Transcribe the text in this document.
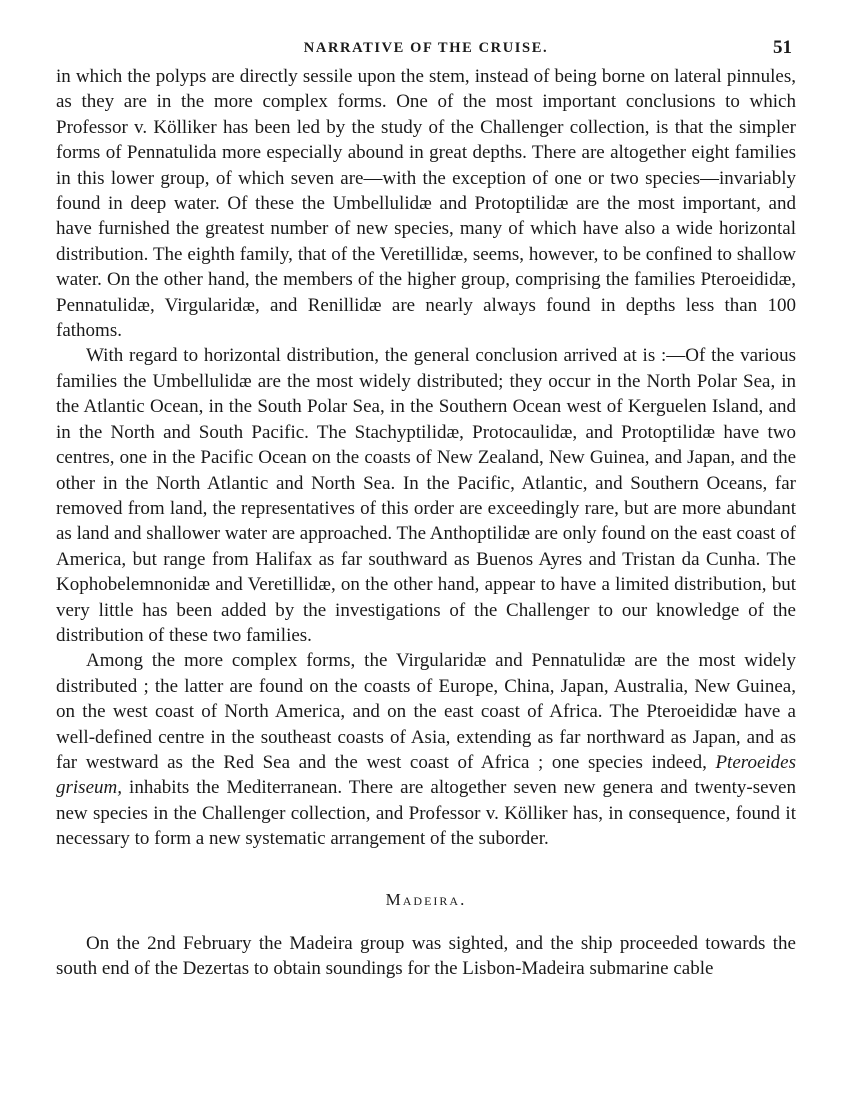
NARRATIVE OF THE CRUISE.	51

in which the polyps are directly sessile upon the stem, instead of being borne on lateral pinnules, as they are in the more complex forms. One of the most important conclusions to which Professor v. Kölliker has been led by the study of the Challenger collection, is that the simpler forms of Pennatulida more especially abound in great depths. There are altogether eight families in this lower group, of which seven are—with the exception of one or two species—invariably found in deep water. Of these the Umbellulidæ and Protoptilidæ are the most important, and have furnished the greatest number of new species, many of which have also a wide horizontal distribution. The eighth family, that of the Veretillidæ, seems, however, to be confined to shallow water. On the other hand, the members of the higher group, comprising the families Pteroeididæ, Pennatulidæ, Virgularidæ, and Renillidæ are nearly always found in depths less than 100 fathoms.

With regard to horizontal distribution, the general conclusion arrived at is :—Of the various families the Umbellulidæ are the most widely distributed; they occur in the North Polar Sea, in the Atlantic Ocean, in the South Polar Sea, in the Southern Ocean west of Kerguelen Island, and in the North and South Pacific. The Stachyptilidæ, Protocaulidæ, and Protoptilidæ have two centres, one in the Pacific Ocean on the coasts of New Zealand, New Guinea, and Japan, and the other in the North Atlantic and North Sea. In the Pacific, Atlantic, and Southern Oceans, far removed from land, the representatives of this order are exceedingly rare, but are more abundant as land and shallower water are approached. The Anthoptilidæ are only found on the east coast of America, but range from Halifax as far southward as Buenos Ayres and Tristan da Cunha. The Kophobelemnonidæ and Veretillidæ, on the other hand, appear to have a limited distribution, but very little has been added by the investigations of the Challenger to our knowledge of the distribution of these two families.

Among the more complex forms, the Virgularidæ and Pennatulidæ are the most widely distributed ; the latter are found on the coasts of Europe, China, Japan, Australia, New Guinea, on the west coast of North America, and on the east coast of Africa. The Pteroeididæ have a well-defined centre in the southeast coasts of Asia, extending as far northward as Japan, and as far westward as the Red Sea and the west coast of Africa ; one species indeed, Pteroeides griseum, inhabits the Mediterranean. There are altogether seven new genera and twenty-seven new species in the Challenger collection, and Professor v. Kölliker has, in consequence, found it necessary to form a new systematic arrangement of the suborder.

Madeira.

On the 2nd February the Madeira group was sighted, and the ship proceeded towards the south end of the Dezertas to obtain soundings for the Lisbon-Madeira submarine cable
